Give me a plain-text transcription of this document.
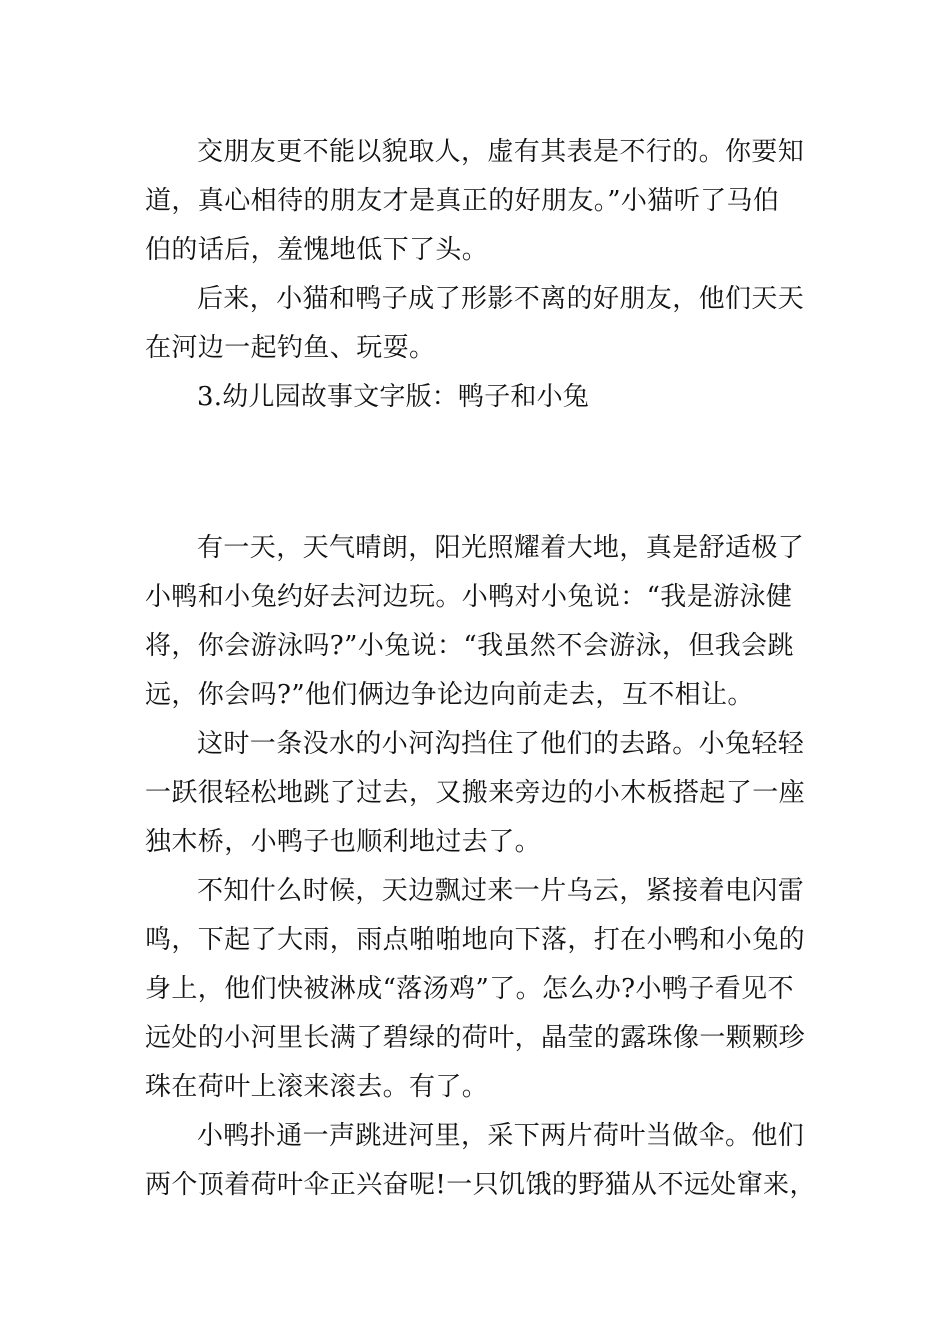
交朋友更不能以貌取人，虚有其表是不行的。你要知
道，真心相待的朋友才是真正的好朋友。”小猫听了马伯
伯的话后，羞愧地低下了头。
后来，小猫和鸭子成了形影不离的好朋友，他们天天
在河边一起钓鱼、玩耍。
3.幼儿园故事文字版：鸭子和小兔
有一天，天气晴朗，阳光照耀着大地，真是舒适极了
小鸭和小兔约好去河边玩。小鸭对小兔说：“我是游泳健
将，你会游泳吗?”小兔说：“我虽然不会游泳，但我会跳
远，你会吗?”他们俩边争论边向前走去，互不相让。
这时一条没水的小河沟挡住了他们的去路。小兔轻轻
一跃很轻松地跳了过去，又搬来旁边的小木板搭起了一座
独木桥，小鸭子也顺利地过去了。
不知什么时候，天边飘过来一片乌云，紧接着电闪雷
鸣，下起了大雨，雨点啪啪地向下落，打在小鸭和小兔的
身上，他们快被淋成“落汤鸡”了。怎么办?小鸭子看见不
远处的小河里长满了碧绿的荷叶，晶莹的露珠像一颗颗珍
珠在荷叶上滚来滚去。有了。
小鸭扑通一声跳进河里，采下两片荷叶当做伞。他们
两个顶着荷叶伞正兴奋呢!一只饥饿的野猫从不远处窜来，
